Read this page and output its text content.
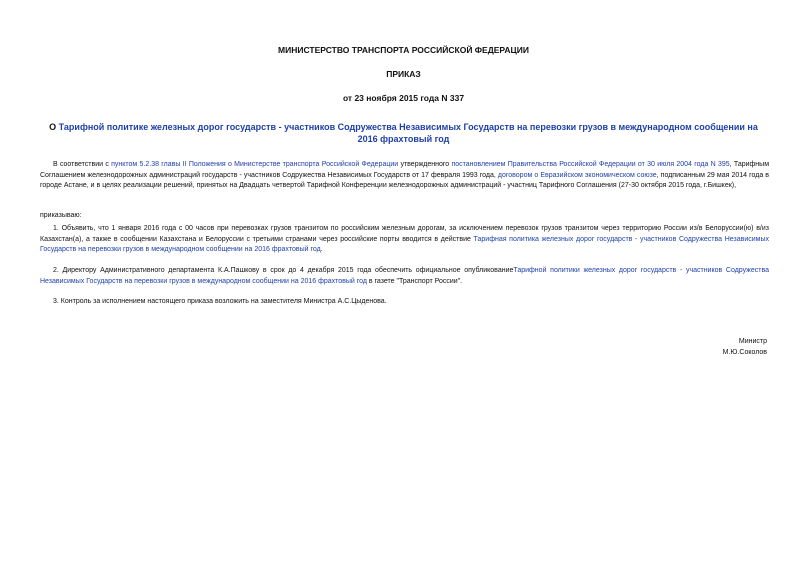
МИНИСТЕРСТВО ТРАНСПОРТА РОССИЙСКОЙ ФЕДЕРАЦИИ
ПРИКАЗ
от 23 ноября 2015 года N 337
О Тарифной политике железных дорог государств - участников Содружества Независимых Государств на перевозки грузов в международном сообщении на 2016 фрахтовый год
В соответствии с пунктом 5.2.38 главы II Положения о Министерстве транспорта Российской Федерации утвержденного постановлением Правительства Российской Федерации от 30 июля 2004 года N 395, Тарифным Соглашением железнодорожных администраций государств - участников Содружества Независимых Государств от 17 февраля 1993 года, договором о Евразийском экономическом союзе, подписанным 29 мая 2014 года в городе Астане, и в целях реализации решений, принятых на Двадцать четвертой Тарифной Конференции железнодорожных администраций - участниц Тарифного Соглашения (27-30 октября 2015 года, г.Бишкек),
приказываю:
1. Объявить, что 1 января 2016 года с 00 часов при перевозках грузов транзитом по российским железным дорогам, за исключением перевозок грузов транзитом через территорию России из/в Белоруссии(ю) в/из Казахстан(а), а также в сообщении Казахстана и Белоруссии с третьими странами через российские порты вводится в действие Тарифная политика железных дорог государств - участников Содружества Независимых Государств на перевозки грузов в международном сообщении на 2016 фрахтовый год.
2. Директору Административного департамента К.А.Пашкову в срок до 4 декабря 2015 года обеспечить официальное опубликованиеТарифной политики железных дорог государств - участников Содружества Независимых Государств на перевозки грузов в международном сообщении на 2016 фрахтовый год в газете "Транспорт России".
3. Контроль за исполнением настоящего приказа возложить на заместителя Министра А.С.Цыденова.
Министр
М.Ю.Соколов
